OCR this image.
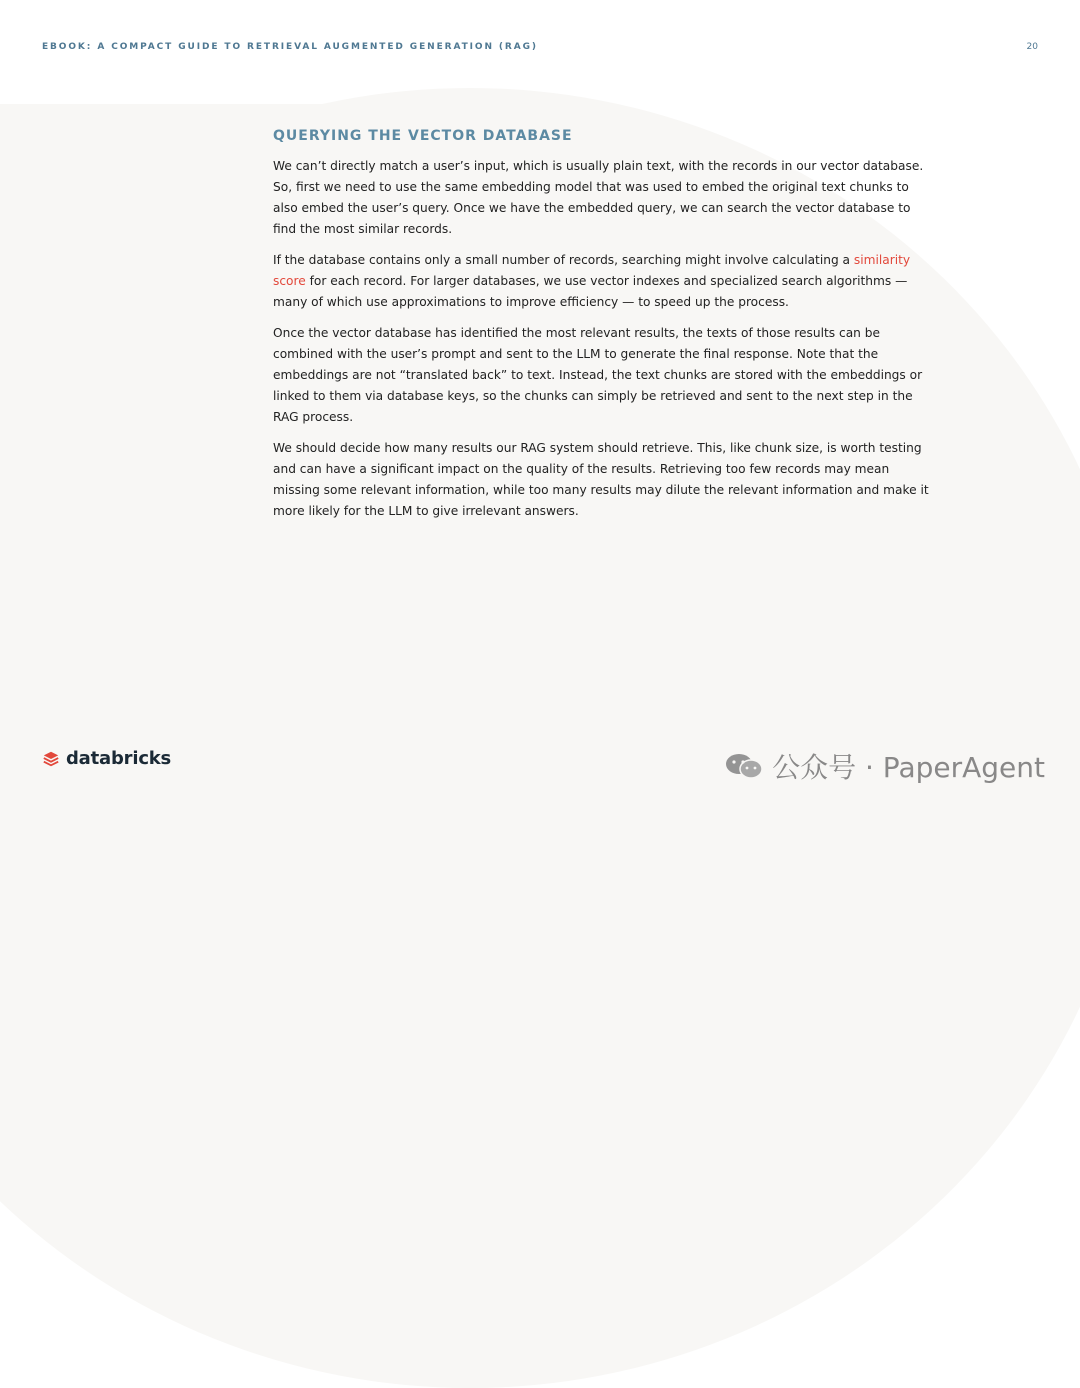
EBOOK: A COMPACT GUIDE TO RETRIEVAL AUGMENTED GENERATION (RAG)	20
QUERYING THE VECTOR DATABASE

We can’t directly match a user’s input, which is usually plain text, with the records in our vector database. So, first we need to use the same embedding model that was used to embed the original text chunks to also embed the user’s query. Once we have the embedded query, we can search the vector database to find the most similar records.

If the database contains only a small number of records, searching might involve calculating a similarity score for each record. For larger databases, we use vector indexes and specialized search algorithms — many of which use approximations to improve efficiency — to speed up the process.

Once the vector database has identified the most relevant results, the texts of those results can be combined with the user’s prompt and sent to the LLM to generate the final response. Note that the embeddings are not “translated back” to text. Instead, the text chunks are stored with the embeddings or linked to them via database keys, so the chunks can simply be retrieved and sent to the next step in the RAG process.

We should decide how many results our RAG system should retrieve. This, like chunk size, is worth testing and can have a significant impact on the quality of the results. Retrieving too few records may mean missing some relevant information, while too many results may dilute the relevant information and make it more likely for the LLM to give irrelevant answers.

databricks	公众号 · PaperAgent
